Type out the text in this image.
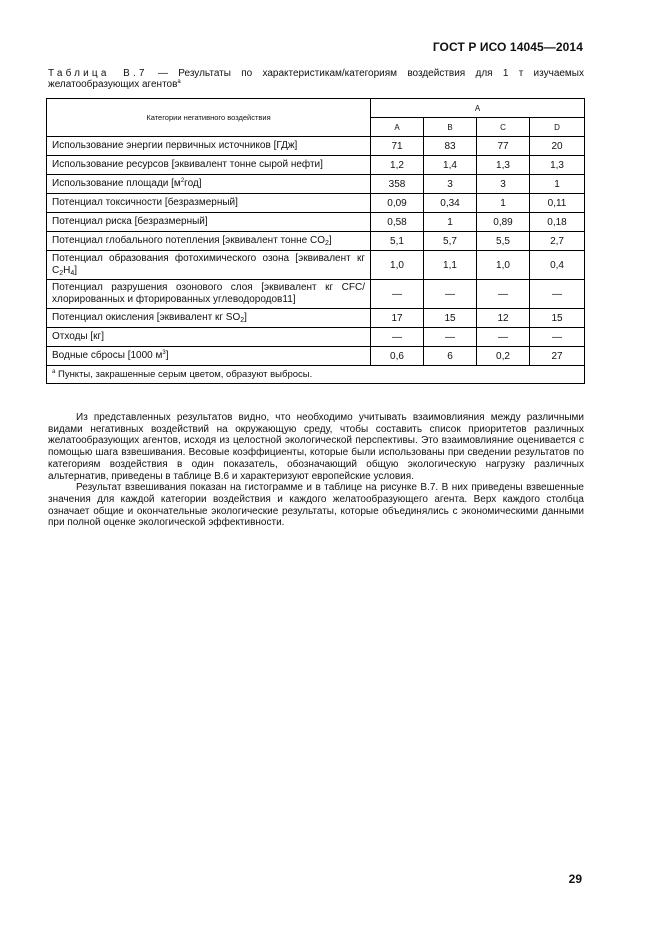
ГОСТ Р ИСО 14045—2014
Таблица В.7 — Результаты по характеристикам/категориям воздействия для 1 т изучаемых желатообразующих агентов$^a$
Категории негативного воздействия	A			
	A	B	C	D
Использование энергии первичных источников [ГДж]	71	83	77	20
Использование ресурсов [эквивалент тонне сырой нефти]	1,2	1,4	1,3	1,3
Использование площади $[м^2год]$	358	3	3	1
Потенциал токсичности [безразмерный]	0,09	0,34	1	0,11
Потенциал риска [безразмерный]	0,58	1	0,89	0,18
Потенциал глобального потепления [эквивалент тонне $CO_2$]	5,1	5,7	5,5	2,7
Потенциал образования фотохимического озона [эквивалент кг $C_2H_4$]	1,0	1,1	1,0	0,4
Потенциал разрушения озонового слоя [эквивалент кг CFC/хлорированных и фторированных углеводородов11]	—	—	—	—
Потенциал окисления [эквивалент кг $SO_2$]	17	15	12	15
Отходы [кг]	—	—	—	—
Водные сбросы [1000 $м^3$]	0,6	6	0,2	27
$^a$ Пункты, закрашенные серым цветом, образуют выбросы.				

Из представленных результатов видно, что необходимо учитывать взаимовлияния между различными видами негативных воздействий на окружающую среду, чтобы составить список приоритетов различных желатообразующих агентов, исходя из целостной экологической перспективы. Это взаимовлияние оценивается с помощью шага взвешивания. Весовые коэффициенты, которые были использованы при сведении результатов по категориям воздействия в один показатель, обозначающий общую экологическую нагрузку различных альтернатив, приведены в таблице В.6 и характеризуют европейские условия.

Результат взвешивания показан на гистограмме и в таблице на рисунке В.7. В них приведены взвешенные значения для каждой категории воздействия и каждого желатообразующего агента. Верх каждого столбца означает общие и окончательные экологические результаты, которые объединялись с экономическими данными при полной оценке экологической эффективности.

29
